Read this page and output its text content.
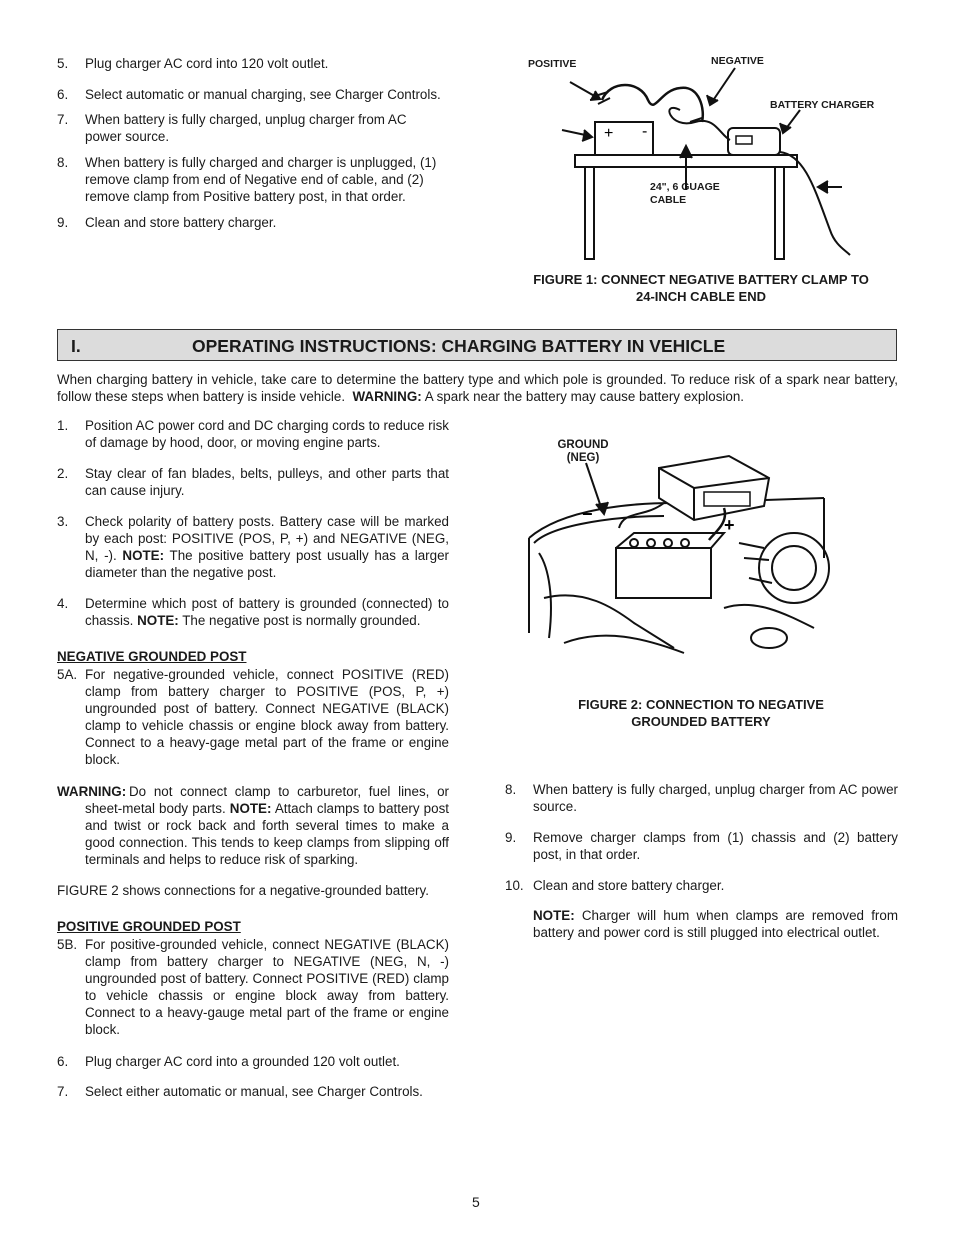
5. Plug charger AC cord into 120 volt outlet.
6. Select automatic or manual charging, see Charger Controls.
7. When battery is fully charged, unplug charger from AC power source.
8. When battery is fully charged and charger is unplugged, (1) remove clamp from end of Negative end of cable, and (2) remove clamp from Positive battery post, in that order.
9. Clean and store battery charger.
POSITIVE	NEGATIVE
BATTERY CHARGER
24", 6 GUAGE CABLE
+ -
FIGURE 1: CONNECT NEGATIVE BATTERY CLAMP TO 24-INCH CABLE END
I.	OPERATING INSTRUCTIONS: CHARGING BATTERY IN VEHICLE
When charging battery in vehicle, take care to determine the battery type and which pole is grounded. To reduce risk of a spark near battery, follow these steps when battery is inside vehicle. WARNING: A spark near the battery may cause battery explosion.
1. Position AC power cord and DC charging cords to reduce risk of damage by hood, door, or moving engine parts.
2. Stay clear of fan blades, belts, pulleys, and other parts that can cause injury.
3. Check polarity of battery posts. Battery case will be marked by each post: POSITIVE (POS, P, +) and NEGATIVE (NEG, N, -). NOTE: The positive battery post usually has a larger diameter than the negative post.
4. Determine which post of battery is grounded (connected) to chassis. NOTE: The negative post is normally grounded.
NEGATIVE GROUNDED POST
5A. For negative-grounded vehicle, connect POSITIVE (RED) clamp from battery charger to POSITIVE (POS, P, +) ungrounded post of battery. Connect NEGATIVE (BLACK) clamp to vehicle chassis or engine block away from battery. Connect to a heavy-gage metal part of the frame or engine block.
WARNING: Do not connect clamp to carburetor, fuel lines, or sheet-metal body parts. NOTE: Attach clamps to battery post and twist or rock back and forth several times to make a good connection. This tends to keep clamps from slipping off terminals and helps to reduce risk of sparking.
FIGURE 2 shows connections for a negative-grounded battery.
POSITIVE GROUNDED POST
5B. For positive-grounded vehicle, connect NEGATIVE (BLACK) clamp from battery charger to NEGATIVE (NEG, N, -) ungrounded post of battery. Connect POSITIVE (RED) clamp to vehicle chassis or engine block away from battery. Connect to a heavy-gauge metal part of the frame or engine block.
6. Plug charger AC cord into a grounded 120 volt outlet.
7. Select either automatic or manual, see Charger Controls.
GROUND (NEG)
−
+
FIGURE 2: CONNECTION TO NEGATIVE GROUNDED BATTERY
8. When battery is fully charged, unplug charger from AC power source.
9. Remove charger clamps from (1) chassis and (2) battery post, in that order.
10. Clean and store battery charger.
NOTE: Charger will hum when clamps are removed from battery and power cord is still plugged into electrical outlet.
5
